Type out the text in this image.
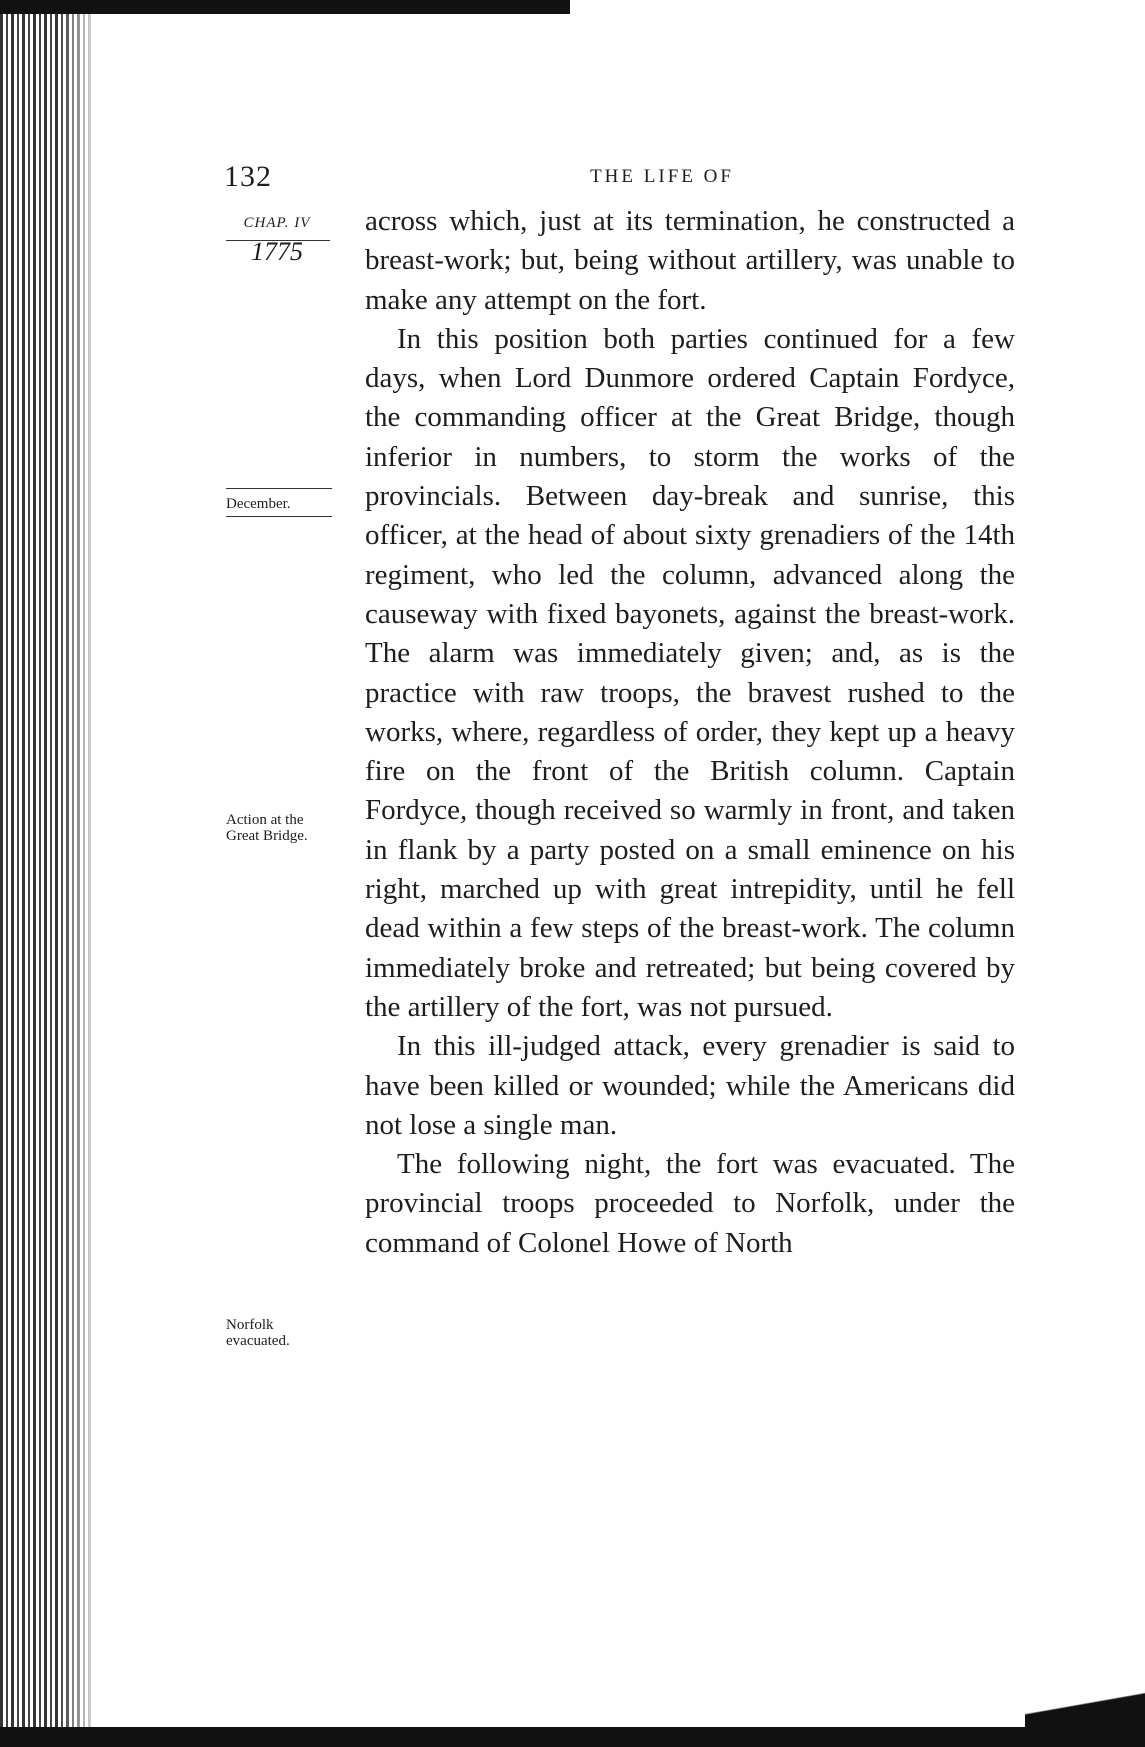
132	THE LIFE OF
CHAP. IV
1775
December.
Action at the Great Bridge.
Norfolk evacuated.

across which, just at its termination, he constructed a breast-work; but, being without artillery, was unable to make any attempt on the fort.

In this position both parties continued for a few days, when Lord Dunmore ordered Captain Fordyce, the commanding officer at the Great Bridge, though inferior in numbers, to storm the works of the provincials. Between day-break and sunrise, this officer, at the head of about sixty grenadiers of the 14th regiment, who led the column, advanced along the causeway with fixed bayonets, against the breast-work. The alarm was immediately given; and, as is the practice with raw troops, the bravest rushed to the works, where, regardless of order, they kept up a heavy fire on the front of the British column. Captain Fordyce, though received so warmly in front, and taken in flank by a party posted on a small eminence on his right, marched up with great intrepidity, until he fell dead within a few steps of the breast-work. The column immediately broke and retreated; but being covered by the artillery of the fort, was not pursued.

In this ill-judged attack, every grenadier is said to have been killed or wounded; while the Americans did not lose a single man.

The following night, the fort was evacuated. The provincial troops proceeded to Norfolk, under the command of Colonel Howe of North
